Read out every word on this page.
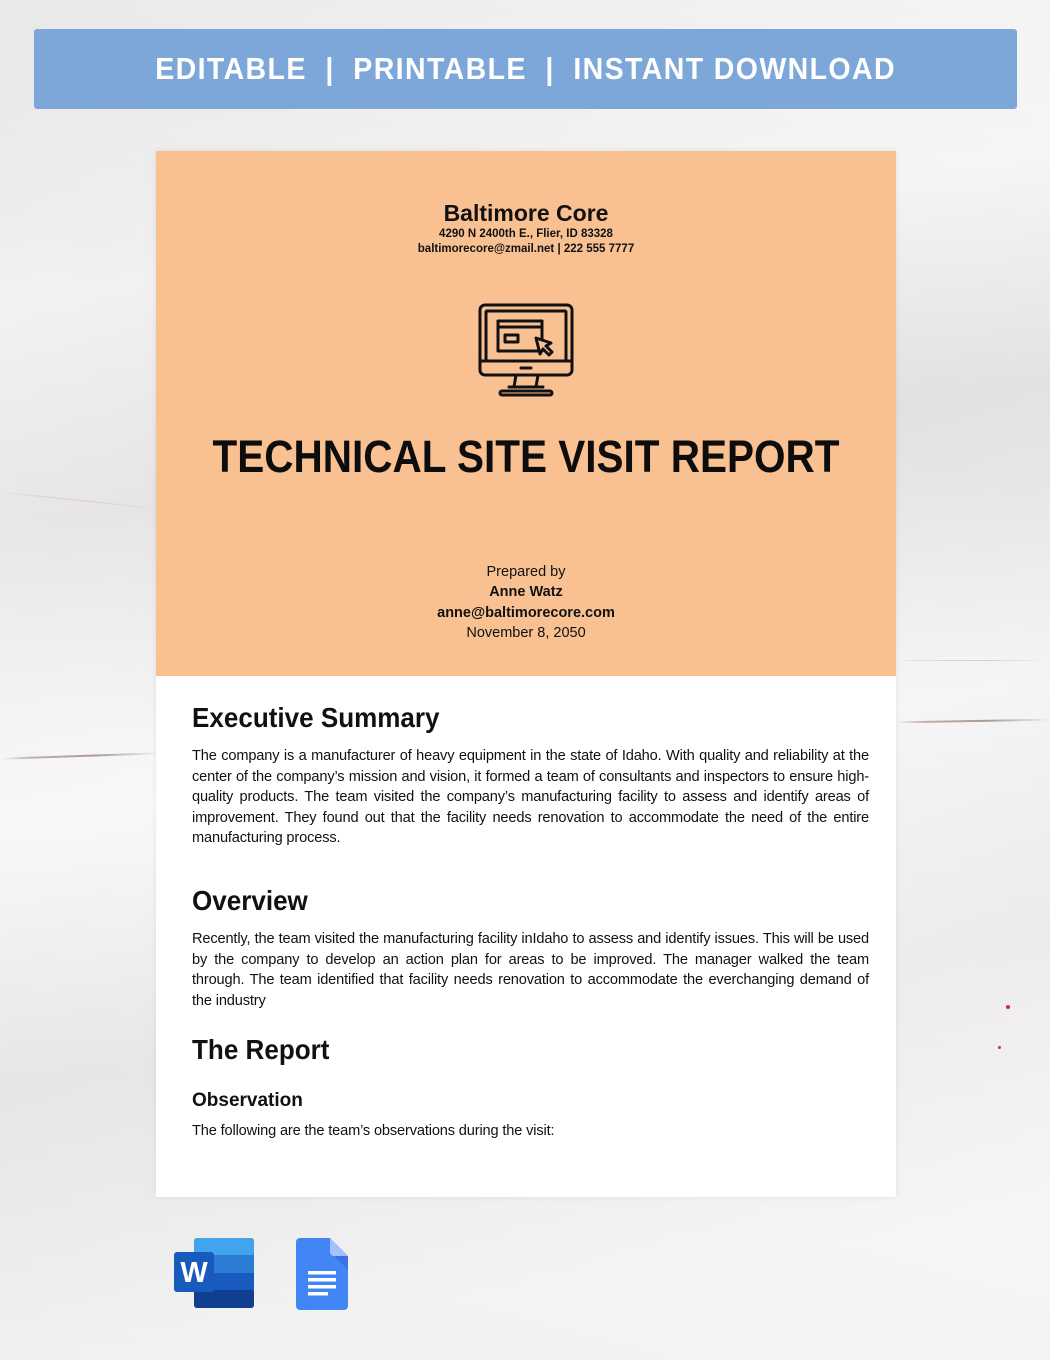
EDITABLE  |  PRINTABLE  |  INSTANT DOWNLOAD
Baltimore Core
4290 N 2400th E., Flier, ID 83328
baltimorecore@zmail.net | 222 555 7777
TECHNICAL SITE VISIT REPORT
Prepared by
Anne Watz
anne@baltimorecore.com
November 8, 2050
Executive Summary

The company is a manufacturer of heavy equipment in the state of Idaho. With quality and reliability at the center of the company’s mission and vision, it formed a team of consultants and inspectors to ensure high-quality products. The team visited the company’s manufacturing facility to assess and identify areas of improvement. They found out that the facility needs renovation to accommodate the need of the entire manufacturing process.

Overview

Recently, the team visited the manufacturing facility inIdaho to assess and identify issues. This will be used by the company to develop an action plan for areas to be improved. The manager walked the team through. The team identified that facility needs renovation to accommodate the everchanging demand of the industry

The Report
Observation

The following are the team’s observations during the visit:

W
